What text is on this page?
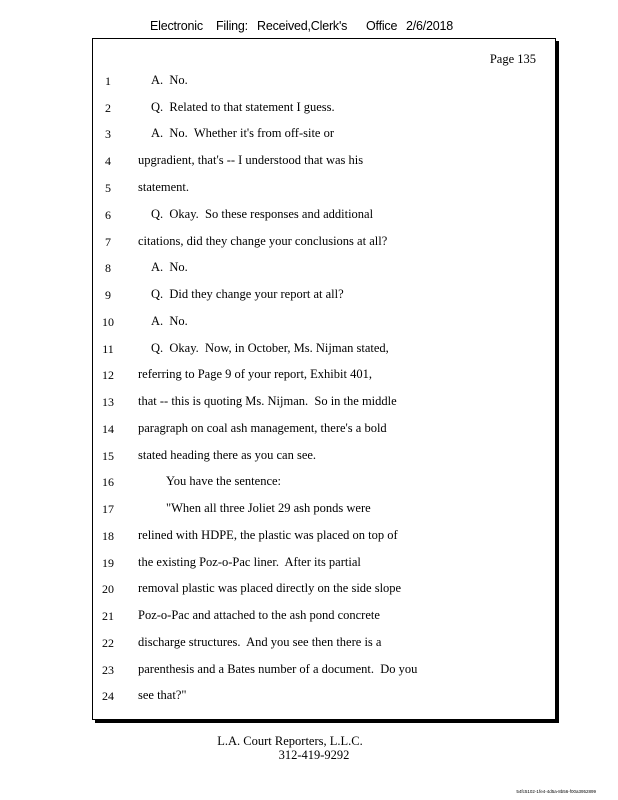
Electronic Filing: Received,Clerk's Office 2/6/2018
Page 135
1	A.  No.
2	Q.  Related to that statement I guess.
3	A.  No.  Whether it's from off-site or
4	upgradient, that's -- I understood that was his
5	statement.
6	Q.  Okay.  So these responses and additional
7	citations, did they change your conclusions at all?
8	A.  No.
9	Q.  Did they change your report at all?
10	A.  No.
11	Q.  Okay.  Now, in October, Ms. Nijman stated,
12	referring to Page 9 of your report, Exhibit 401,
13	that -- this is quoting Ms. Nijman.  So in the middle
14	paragraph on coal ash management, there's a bold
15	stated heading there as you can see.
16	You have the sentence:
17	"When all three Joliet 29 ash ponds were
18	relined with HDPE, the plastic was placed on top of
19	the existing Poz-o-Pac liner.  After its partial
20	removal plastic was placed directly on the side slope
21	Poz-o-Pac and attached to the ash pond concrete
22	discharge structures.  And you see then there is a
23	parenthesis and a Bates number of a document.  Do you
24	see that?"
L.A. Court Reporters, L.L.C.
312-419-9292
54fc5102-1fe4-4d5a-8b56-f00a3952899
